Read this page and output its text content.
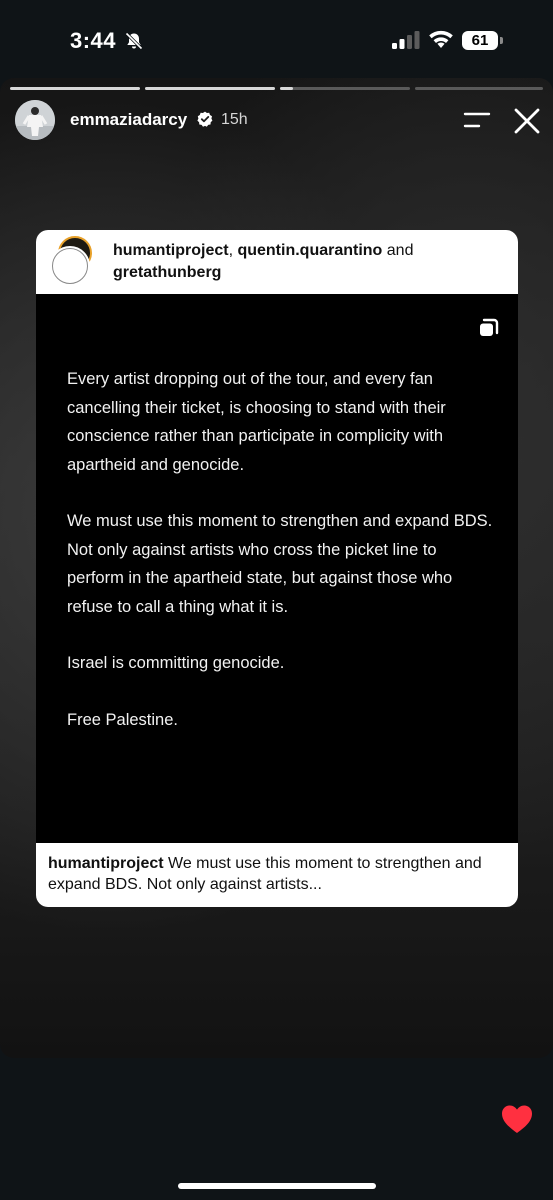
3:44	61
emmaziadarcy 15h
humantiproject, quentin.quarantino and gretathunberg

Every artist dropping out of the tour, and every fan cancelling their ticket, is choosing to stand with their conscience rather than participate in complicity with apartheid and genocide.

We must use this moment to strengthen and expand BDS. Not only against artists who cross the picket line to perform in the apartheid state, but against those who refuse to call a thing what it is.

Israel is committing genocide.

Free Palestine.

humantiproject We must use this moment to strengthen and expand BDS. Not only against artists...
